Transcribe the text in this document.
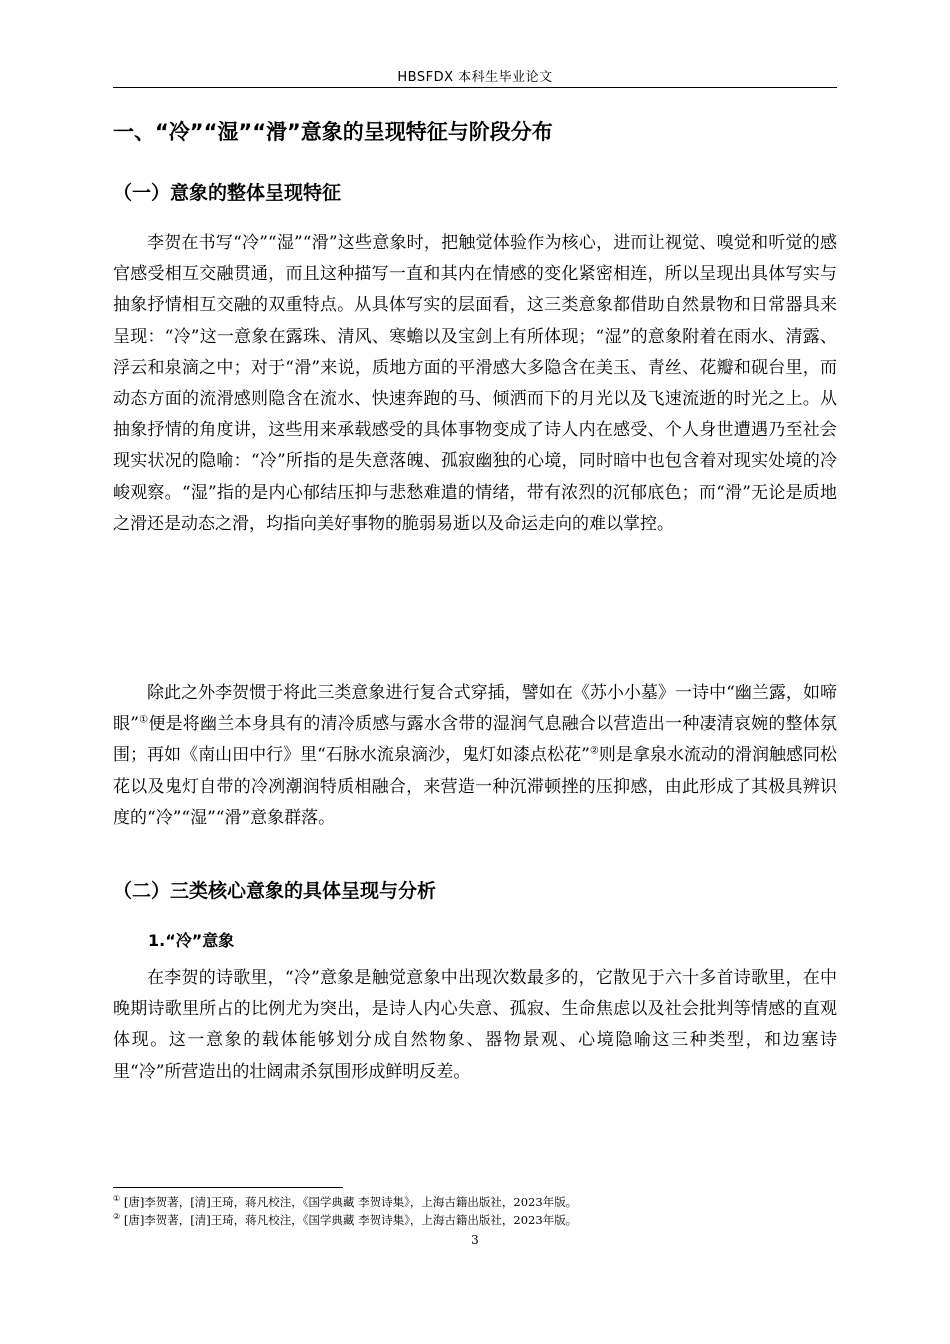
HBSFDX 本科生毕业论文
一、“冷”“湿”“滑”意象的呈现特征与阶段分布
（一）意象的整体呈现特征

李贺在书写“冷”“湿”“滑”这些意象时，把触觉体验作为核心，进而让视觉、嗅觉和听觉的感官感受相互交融贯通，而且这种描写一直和其内在情感的变化紧密相连，所以呈现出具体写实与抽象抒情相互交融的双重特点。从具体写实的层面看，这三类意象都借助自然景物和日常器具来呈现：“冷”这一意象在露珠、清风、寒蟾以及宝剑上有所体现；“湿”的意象附着在雨水、清露、浮云和泉滴之中；对于“滑”来说，质地方面的平滑感大多隐含在美玉、青丝、花瓣和砚台里，而动态方面的流滑感则隐含在流水、快速奔跑的马、倾洒而下的月光以及飞速流逝的时光之上。从抽象抒情的角度讲，这些用来承载感受的具体事物变成了诗人内在感受、个人身世遭遇乃至社会现实状况的隐喻：“冷”所指的是失意落魄、孤寂幽独的心境，同时暗中也包含着对现实处境的冷峻观察。“湿”指的是内心郁结压抑与悲愁难遣的情绪，带有浓烈的沉郁底色；而“滑”无论是质地之滑还是动态之滑，均指向美好事物的脆弱易逝以及命运走向的难以掌控。

除此之外李贺惯于将此三类意象进行复合式穿插，譬如在《苏小小墓》一诗中“幽兰露，如啼眼”①便是将幽兰本身具有的清冷质感与露水含带的湿润气息融合以营造出一种凄清哀婉的整体氛围；再如《南山田中行》里“石脉水流泉滴沙，鬼灯如漆点松花”②则是拿泉水流动的滑润触感同松花以及鬼灯自带的冷冽潮润特质相融合，来营造一种沉滞顿挫的压抑感，由此形成了其极具辨识度的“冷”“湿”“滑”意象群落。

（二）三类核心意象的具体呈现与分析
1.“冷”意象

在李贺的诗歌里，“冷”意象是触觉意象中出现次数最多的，它散见于六十多首诗歌里，在中晚期诗歌里所占的比例尤为突出，是诗人内心失意、孤寂、生命焦虑以及社会批判等情感的直观体现。这一意象的载体能够划分成自然物象、器物景观、心境隐喻这三种类型，和边塞诗里“冷”所营造出的壮阔肃杀氛围形成鲜明反差。

① [唐]李贺著，[清]王琦，蒋凡校注，《国学典藏 李贺诗集》，上海古籍出版社，2023年版。
② [唐]李贺著，[清]王琦，蒋凡校注，《国学典藏 李贺诗集》，上海古籍出版社，2023年版。
3
